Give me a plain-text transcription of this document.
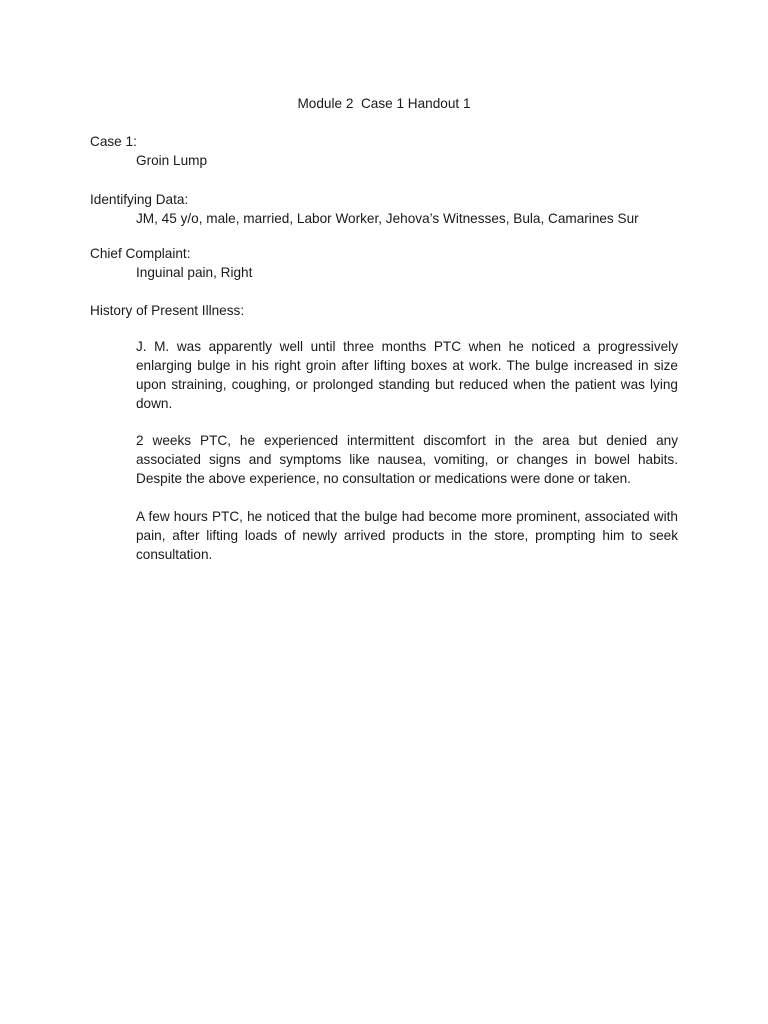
Module 2  Case 1 Handout 1
Case 1:
Groin Lump
Identifying Data:
JM, 45 y/o, male, married, Labor Worker, Jehova’s Witnesses, Bula, Camarines Sur
Chief Complaint:
Inguinal pain, Right
History of Present Illness:
J. M. was apparently well until three months PTC when he noticed a progressively enlarging bulge in his right groin after lifting boxes at work. The bulge increased in size upon straining, coughing, or prolonged standing but reduced when the patient was lying down.
2 weeks PTC, he experienced intermittent discomfort in the area but denied any associated signs and symptoms like nausea, vomiting, or changes in bowel habits. Despite the above experience, no consultation or medications were done or taken.
A few hours PTC, he noticed that the bulge had become more prominent, associated with pain, after lifting loads of newly arrived products in the store, prompting him to seek consultation.
